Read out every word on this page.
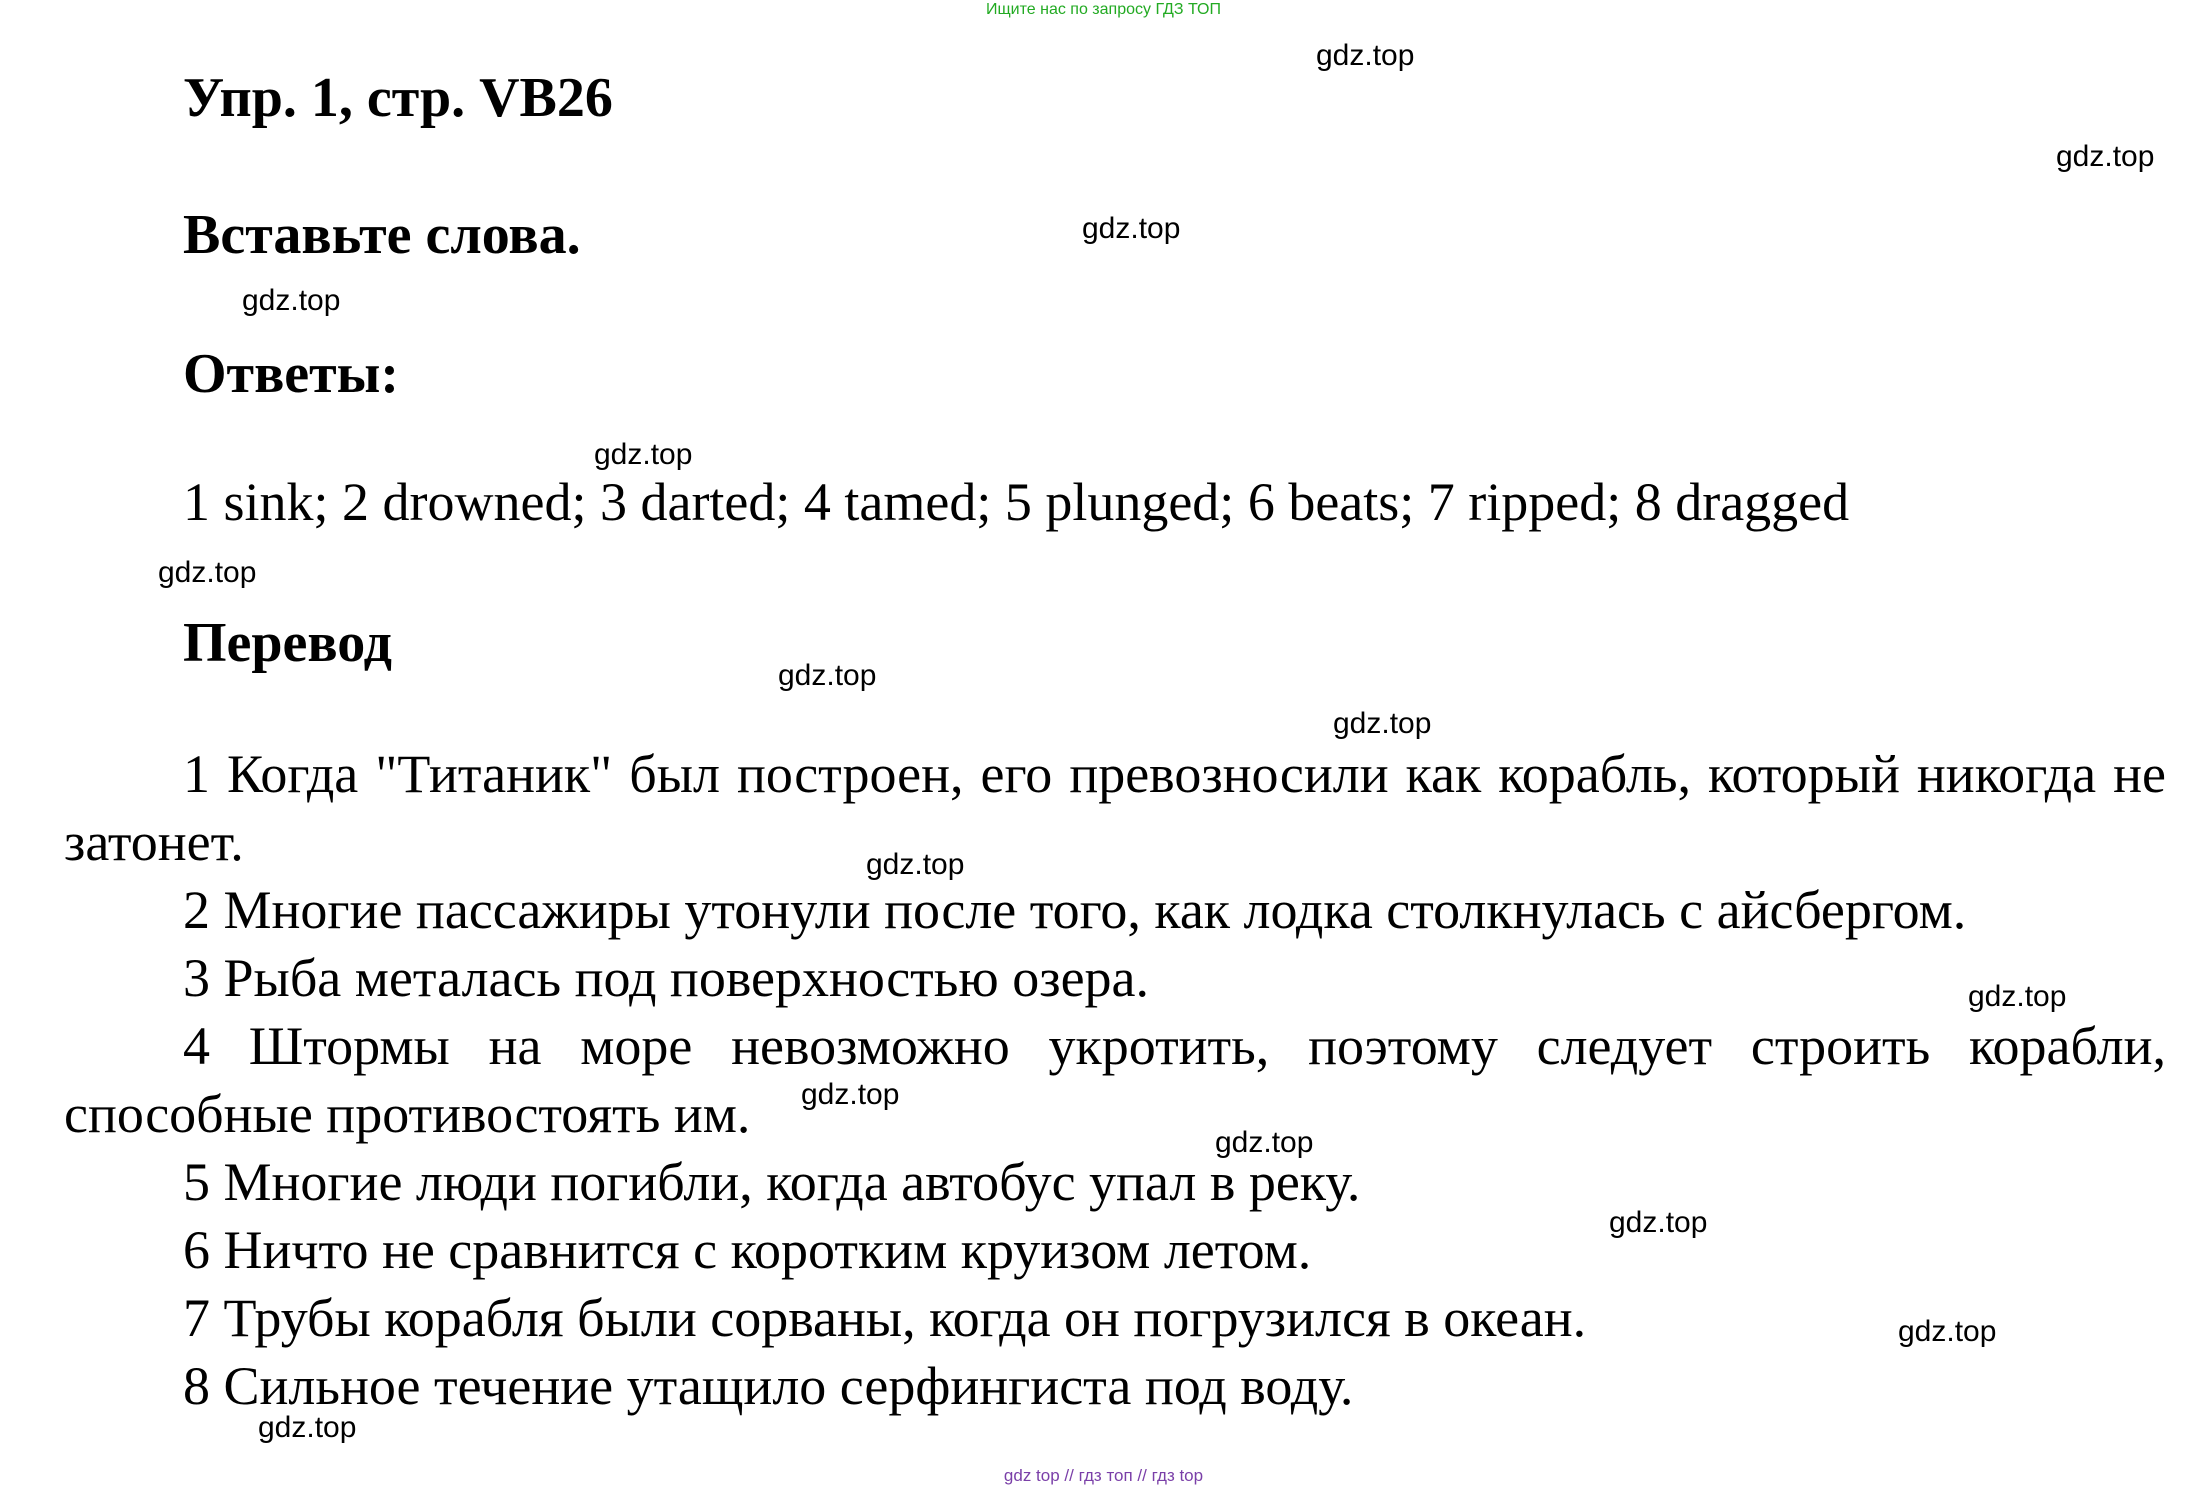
Ищите нас по запросу ГДЗ ТОП
Упр. 1, стр. VB26
Вставьте слова.
Ответы:
1 sink; 2 drowned; 3 darted; 4 tamed; 5 plunged; 6 beats; 7 ripped; 8 dragged
Перевод

1 Когда "Титаник" был построен, его превозносили как корабль, который никогда не затонет.

2 Многие пассажиры утонули после того, как лодка столкнулась с айсбергом.

3 Рыба металась под поверхностью озера.

4 Штормы на море невозможно укротить, поэтому следует строить корабли, способные противостоять им.

5 Многие люди погибли, когда автобус упал в реку.

6 Ничто не сравнится с коротким круизом летом.

7 Трубы корабля были сорваны, когда он погрузился в океан.

8 Сильное течение утащило серфингиста под воду.

gdz.top
gdz.top
gdz.top
gdz.top
gdz.top
gdz.top
gdz.top
gdz.top
gdz.top
gdz.top
gdz.top
gdz.top
gdz.top
gdz.top
gdz.top
gdz top // гдз топ // гдз top
